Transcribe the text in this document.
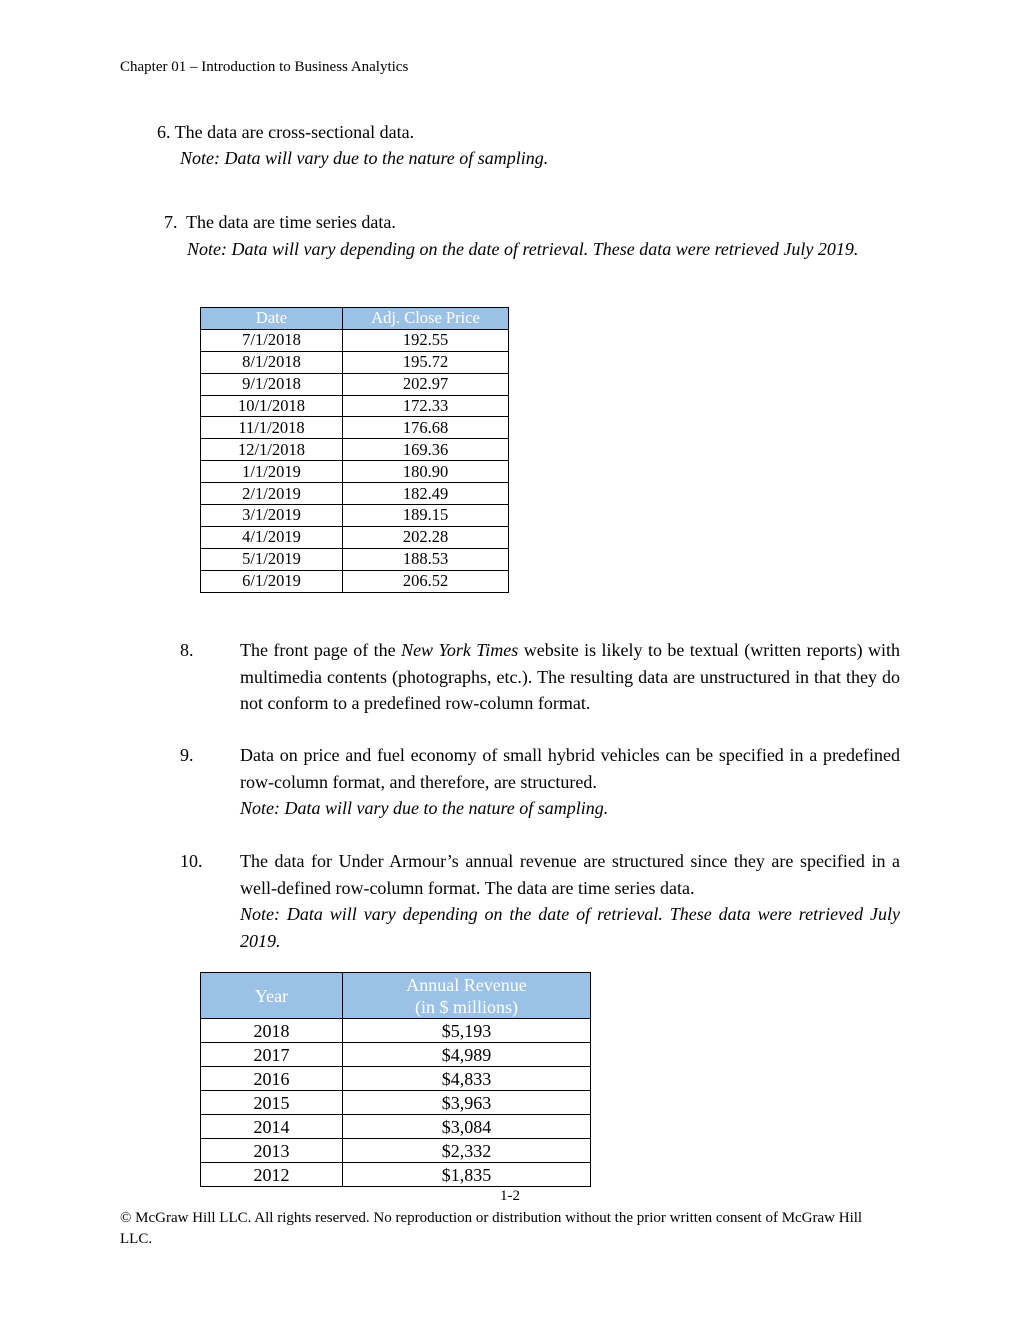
Chapter 01 – Introduction to Business Analytics
6. The data are cross-sectional data.
Note: Data will vary due to the nature of sampling.
7. The data are time series data.
Note: Data will vary depending on the date of retrieval. These data were retrieved July 2019.
Date	Adj. Close Price
7/1/2018	192.55
8/1/2018	195.72
9/1/2018	202.97
10/1/2018	172.33
11/1/2018	176.68
12/1/2018	169.36
1/1/2019	180.90
2/1/2019	182.49
3/1/2019	189.15
4/1/2019	202.28
5/1/2019	188.53
6/1/2019	206.52
8.	The front page of the New York Times website is likely to be textual (written reports) with multimedia contents (photographs, etc.). The resulting data are unstructured in that they do not conform to a predefined row-column format.
9.	Data on price and fuel economy of small hybrid vehicles can be specified in a predefined row-column format, and therefore, are structured.
Note: Data will vary due to the nature of sampling.
10. The data for Under Armour’s annual revenue are structured since they are specified in a well-defined row-column format. The data are time series data.
Note: Data will vary depending on the date of retrieval. These data were retrieved July 2019.
Year	Annual Revenue
(in $ millions)

2018	$5,193
2017	$4,989
2016	$4,833
2015	$3,963
2014	$3,084
2013	$2,332
2012	$1,835
1-2
© McGraw Hill LLC. All rights reserved. No reproduction or distribution without the prior written consent of McGraw Hill LLC.
